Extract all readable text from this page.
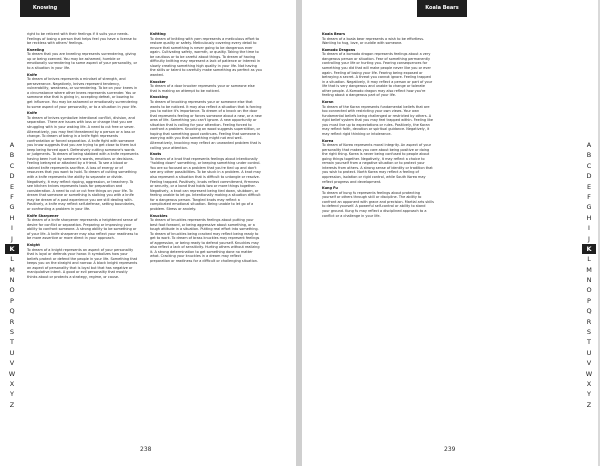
Knowing
A
B
C
D
E
F
G
H
I
J
K
L
M
N
O
P
Q
R
S
T
U
V
W
X
Y
Z

right to be reticent with their feelings if it suits your needs. Feelings of losing a person that helps feel you have a license to be reckless with others' feelings.

Kneeling
To dream that you are kneeling represents surrendering, giving up or being coerced. You may be ashamed, humble or emotionally surrendering to some aspect of your personality, or to a situation in your life.

Knife
To dream of knives represents a mindset of strength, and perseverance. Negatively, knives represent tendency, vulnerability, weakness, or surrendering. To be on your knees in a circumstance where other knees represents surrender. You or someone else that is giving in, accepting defeat, or bowing to get influence. You may be ashamed or emotionally surrendering to some aspect of your personality, or to a situation in your life.

Knife
To dream of knives symbolize intentional conflict, division, and separation. There are issues with loss or change that you are struggling with in your waking life. A need to cut free or sever. Alternatively, you may feel threatened by a person or a loss or change. To dream of being in a knife fight represents confrontation or forced separation. A knife fight with someone you know suggests that you are trying to get close to them but keep being forced apart. Defensively cutting someone's words or judgments. To dream of being stabbed with a knife represents having been hurt by someone's words, emotions or decisions. Feeling betrayed or attacked by a friend. To see a blood or stained knife represents sacrifice. A loss of energy or of resources that you want to hold. To dream of cutting something with a knife represents the ability to separate or divide. Negatively, it may reflect ripping, aggression, or treachery. To see kitchen knives represents tools for preparation and consideration. A need to cut or cut free things on your life. To dream that someone or something is stalking you with a knife may be dream of a past experience you are still dealing with. Positively, a knife may reflect self-defense, setting boundaries, or confronting a problem in your life.

Knife Sharpener
To dream of a knife sharpener represents a heightened sense of desire for conflict or separation. Preparing or improving your ability to confront someone. A strong ability to be something or of your life. A knife sharpener may also reflect your readiness to be more assertive or more direct in your approach.

Knight
To dream of a knight represents an aspect of your personality that is loyal or defends your honor. It symbolizes how your beliefs protect or defend the people in your life. Something that keeps you on the straight and narrow. A black knight represents an aspect of personality that is loyal but that has negative or manipulative intent. A good or evil personality that mostly thinks about or protects a strategy, regime, or cause.

Knitting
To dream of knitting with yarn represents a meticulous effort to restore quality or safety. Meticulously covering every detail to ensure that something is never going to be dangerous ever again. Cultivating safety, warmth, or quality. Taking the time to be cautious or to be careful about things. To dream of having difficulty knitting may represent a lack of patience or interest in slowly creating something high quality in your life. Not having the skills or talent to carefully make something as perfect as you wanted.

Knocker
To dream of a door knocker represents your or someone else that is making an attempt to be noticed.

Knocking
To dream of knocking represents your or someone else that wants to be noticed. It may also reflect a situation that is forcing you to notice it's importance. To dream of a knock on the door that represents feeling or forces someone about a new, or a new area of life. Something you can't ignore. A new opportunity or situation that is calling for your attention. Feeling forced to confront a problem. Knocking on wood suggests superstition, or hoping that something good continues. Feeling that someone is worrying with you that something might not end well. Alternatively, knocking may reflect an unwanted problem that is calling your attention.

Knots
To dream of a knot that represents feelings about intentionally "holding down" something, or keeping something under control. You are so focused on a problem that you're tied up and don't see any other possibilities. To be stuck in a problem. A knot may also represent a situation that is difficult to untangle or resolve. Feeling trapped. Positively, knots reflect commitment, firmness or security, or a bond that holds two or more things together. Negatively, a knot can represent being tied down, stubborn, or feeling unable to let go. Intentionally making a situation difficult for a dangerous person. Tangled knots may reflect a complicated emotional situation. Being unable to let go of a problem. Stress or anxiety.

Knuckles
To dream of knuckles represents feelings about putting your best foot forward, or being aggressive about something, or a tough attitude in a situation. Putting real effort into something. To dream of knuckles being cracked may reflect being ready to get to work. To dream of brass knuckles may represent feelings of aggression, or being ready to defend yourself. Knuckles may also reflect a lack of sensitivity. Hurting others without realizing it. A strong determination to get something done no matter what. Cracking your knuckles in a dream may reflect preparation or readiness for a difficult or challenging situation.

238
Koala Bears
A
B
C
D
E
F
G
H
I
J
K
L
M
N
O
P
Q
R
S
T
U
V
W
X
Y
Z

Koala Bears
To dream of a koala bear represents a wish to be effortless. Wanting to hug, love, or cuddle with someone.

Komodo Dragons
To dream of a komodo dragon represents feelings about a very dangerous person or situation. Fear of something permanently controlling your life or hurting you. Fearing consequences for something you did that will make people never like you or ever again. Feeling of losing your life. Fearing being exposed or betraying a secret. A threat you cannot ignore. Feeling trapped in a situation. Negatively, it may reflect a person or part of your life that is very dangerous and unable to change or tolerate other people. A Komodo dragon may also reflect how you're feeling about a dangerous part of your life.

Koran
To dream of the Koran represents fundamental beliefs that are too connected with restricting your own views. Your own fundamental beliefs being challenged or restricted by others. A rigid belief system that you may feel trapped within. Feeling like you must live up to expectations or rules. Positively, the Koran may reflect faith, devotion or spiritual guidance. Negatively, it may reflect rigid thinking or intolerance.

Korea
To dream of Korea represents moral integrity. An aspect of your personality that makes you care about being positive or doing the right thing. Korea is never being confused to people about going things together. Negatively, it may reflect a choice to remain yourself from a negative situation or to protect your interests from others. A strong sense of identity or tradition that you wish to protect. North Korea may reflect a feeling of oppression, isolation or rigid control, while South Korea may reflect progress and development.

Kung Fu
To dream of kung fu represents feelings about protecting yourself or others through skill or discipline. The ability to confront an opponent with grace and precision. Martial arts skills to defend yourself. A powerful self-control or ability to stand your ground. Kung fu may reflect a disciplined approach to a conflict or a challenge in your life.

239
